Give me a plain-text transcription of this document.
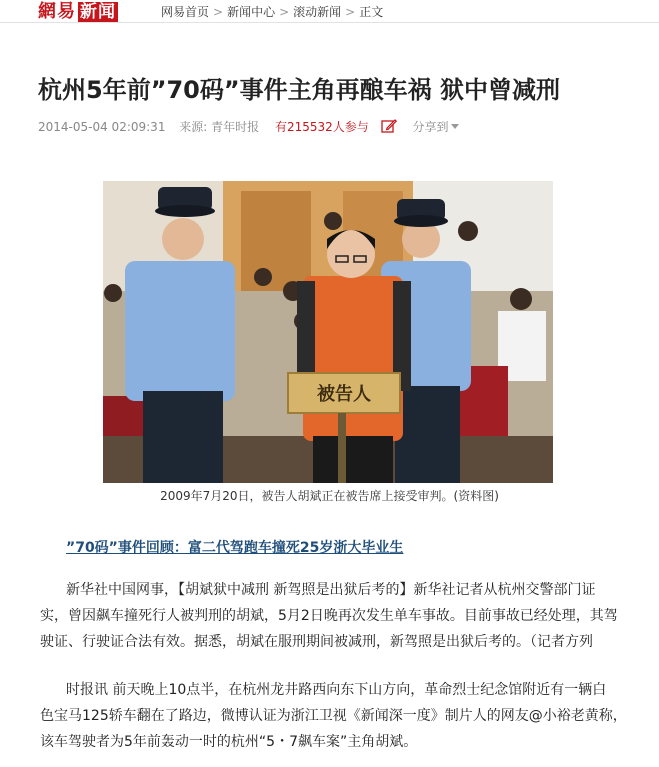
網易 新闻	网易首页 > 新闻中心 > 滚动新闻 > 正文
杭州5年前”70码”事件主角再酿车祸 狱中曾减刑
2014-05-04 02:09:31 来源: 青年时报 有215532人参与	分享到
被告人
2009年7月20日，被告人胡斌正在被告席上接受审判。(资料图)
”70码”事件回顾：富二代驾跑车撞死25岁浙大毕业生

新华社中国网事，【胡斌狱中减刑 新驾照是出狱后考的】新华社记者从杭州交警部门证
实，曾因飙车撞死行人被判刑的胡斌，5月2日晚再次发生单车事故。目前事故已经处理，其驾
驶证、行驶证合法有效。据悉，胡斌在服刑期间被减刑，新驾照是出狱后考的。（记者方列

时报讯 前天晚上10点半，在杭州龙井路西向东下山方向，革命烈士纪念馆附近有一辆白
色宝马125轿车翻在了路边，微博认证为浙江卫视《新闻深一度》制片人的网友@小裕老黄称，
该车驾驶者为5年前轰动一时的杭州“5・7飙车案”主角胡斌。
